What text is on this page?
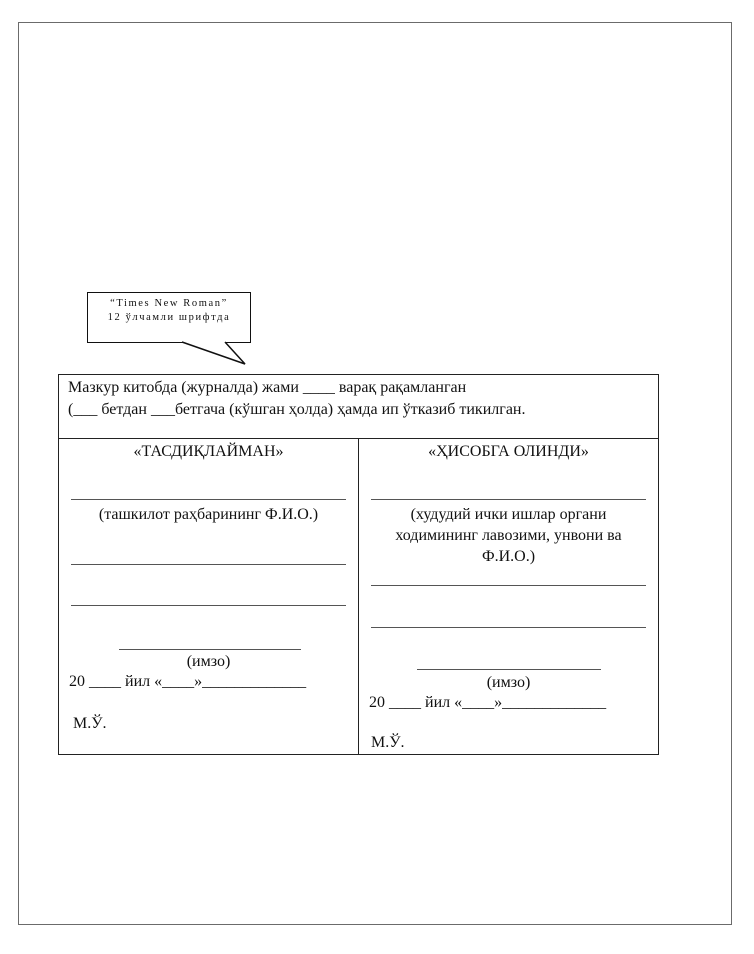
“Times New Roman”
12 ўлчамли шрифтда
Мазкур китобда (журналда) жами ____ варақ рақамланган
(___ бетдан ___бетгача (кўшган ҳолда) ҳамда ип ўтказиб тикилган.
«ТАСДИҚЛАЙМАН»
(ташкилот раҳбарининг Ф.И.О.)
(имзо)
20 ____ йил «____»_____________
М.Ў.
«ҲИСОБГА ОЛИНДИ»
(худудий ички ишлар органи
ходимининг лавозими, унвони ва
Ф.И.О.)
(имзо)
20 ____ йил «____»_____________
М.Ў.
